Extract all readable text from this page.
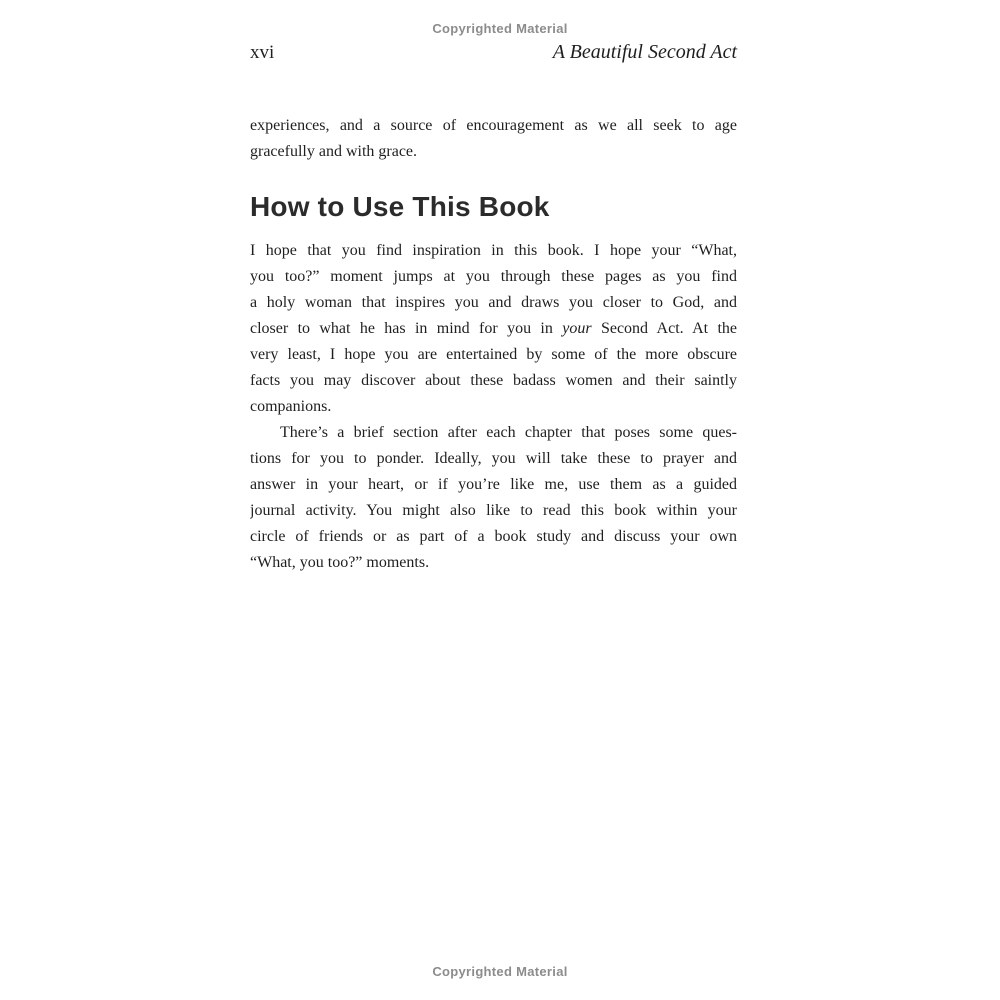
Copyrighted Material
xvi	A Beautiful Second Act
experiences, and a source of encouragement as we all seek to age
gracefully and with grace.
How to Use This Book
I hope that you find inspiration in this book. I hope your “What,
you too?” moment jumps at you through these pages as you find
a holy woman that inspires you and draws you closer to God, and
closer to what he has in mind for you in your Second Act. At the
very least, I hope you are entertained by some of the more obscure
facts you may discover about these badass women and their saintly
companions.
There’s a brief section after each chapter that poses some ques-
tions for you to ponder. Ideally, you will take these to prayer and
answer in your heart, or if you’re like me, use them as a guided
journal activity. You might also like to read this book within your
circle of friends or as part of a book study and discuss your own
“What, you too?” moments.
Copyrighted Material
